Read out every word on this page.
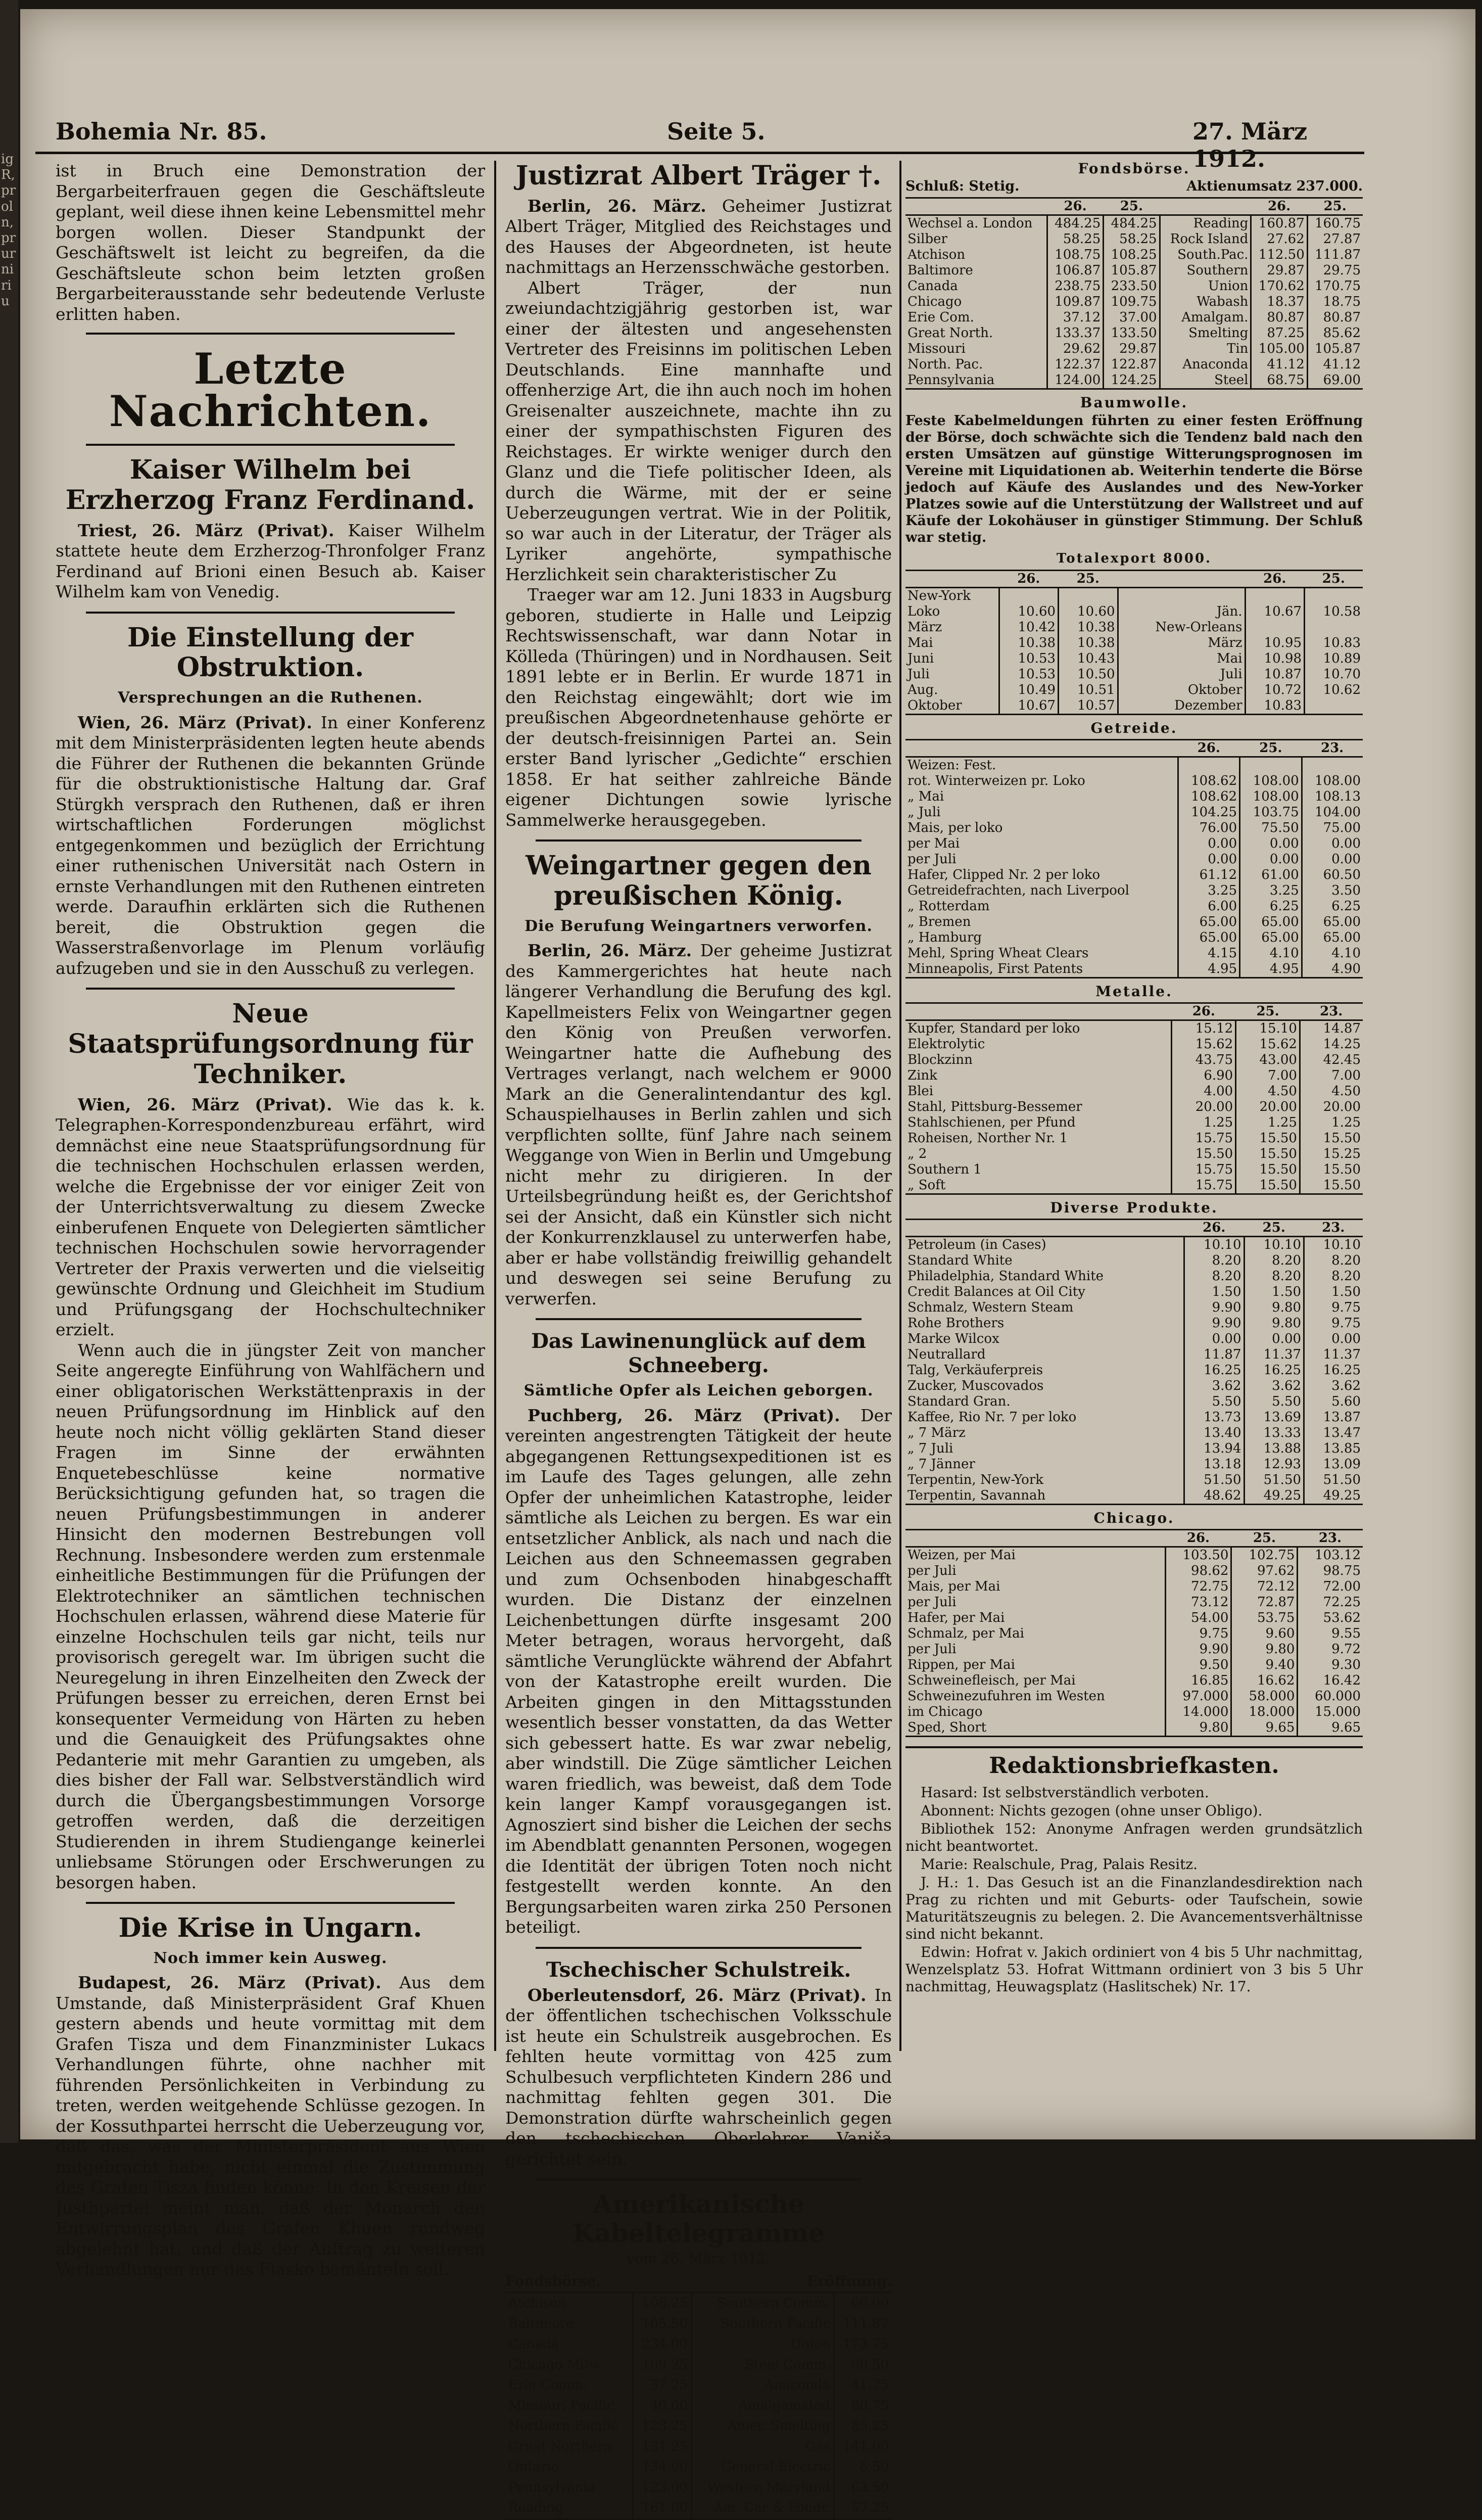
ig R, pr ol n, pr ur ni ri u
Bohemia Nr. 85.	Seite 5.	27. März 1912.

ist in Bruch eine Demonstration der Bergarbeiterfrauen gegen die Geschäftsleute geplant, weil diese ihnen keine Lebensmittel mehr borgen wollen. Dieser Standpunkt der Geschäftswelt ist leicht zu begreifen, da die Geschäftsleute schon beim letzten großen Bergarbeiterausstande sehr bedeutende Verluste erlitten haben.

Letzte Nachrichten.
Kaiser Wilhelm bei Erzherzog Franz Ferdinand.

Triest, 26. März (Privat). Kaiser Wilhelm stattete heute dem Erzherzog-Thronfolger Franz Ferdinand auf Brioni einen Besuch ab. Kaiser Wilhelm kam von Venedig.

Die Einstellung der Obstruktion.
Versprechungen an die Ruthenen.

Wien, 26. März (Privat). In einer Konferenz mit dem Ministerpräsidenten legten heute abends die Führer der Ruthenen die bekannten Gründe für die obstruktionistische Haltung dar. Graf Stürgkh versprach den Ruthenen, daß er ihren wirtschaftlichen Forderungen möglichst entgegenkommen und bezüglich der Errichtung einer ruthenischen Universität nach Ostern in ernste Verhandlungen mit den Ruthenen eintreten werde. Daraufhin erklärten sich die Ruthenen bereit, die Obstruktion gegen die Wasserstraßenvorlage im Plenum vorläufig aufzugeben und sie in den Ausschuß zu verlegen.

Neue Staatsprüfungsordnung für Techniker.

Wien, 26. März (Privat). Wie das k. k. Telegraphen-Korrespondenzbureau erfährt, wird demnächst eine neue Staatsprüfungsordnung für die technischen Hochschulen erlassen werden, welche die Ergebnisse der vor einiger Zeit von der Unterrichtsverwaltung zu diesem Zwecke einberufenen Enquete von Delegierten sämtlicher technischen Hochschulen sowie hervorragender Vertreter der Praxis verwerten und die vielseitig gewünschte Ordnung und Gleichheit im Studium und Prüfungsgang der Hochschultechniker erzielt.

Wenn auch die in jüngster Zeit von mancher Seite angeregte Einführung von Wahlfächern und einer obligatorischen Werkstättenpraxis in der neuen Prüfungsordnung im Hinblick auf den heute noch nicht völlig geklärten Stand dieser Fragen im Sinne der erwähnten Enquetebeschlüsse keine normative Berücksichtigung gefunden hat, so tragen die neuen Prüfungsbestimmungen in anderer Hinsicht den modernen Bestrebungen voll Rechnung. Insbesondere werden zum erstenmale einheitliche Bestimmungen für die Prüfungen der Elektrotechniker an sämtlichen technischen Hochschulen erlassen, während diese Materie für einzelne Hochschulen teils gar nicht, teils nur provisorisch geregelt war. Im übrigen sucht die Neuregelung in ihren Einzelheiten den Zweck der Prüfungen besser zu erreichen, deren Ernst bei konsequenter Vermeidung von Härten zu heben und die Genauigkeit des Prüfungsaktes ohne Pedanterie mit mehr Garantien zu umgeben, als dies bisher der Fall war. Selbstverständlich wird durch die Übergangsbestimmungen Vorsorge getroffen werden, daß die derzeitigen Studierenden in ihrem Studiengange keinerlei unliebsame Störungen oder Erschwerungen zu besorgen haben.

Die Krise in Ungarn.
Noch immer kein Ausweg.

Budapest, 26. März (Privat). Aus dem Umstande, daß Ministerpräsident Graf Khuen gestern abends und heute vormittag mit dem Grafen Tisza und dem Finanzminister Lukacs Verhandlungen führte, ohne nachher mit führenden Persönlichkeiten in Verbindung zu treten, werden weitgehende Schlüsse gezogen. In der Kossuthpartei herrscht die Ueberzeugung vor, daß das, was der Ministerpräsident aus Wien mitgebracht habe, nicht einmal die Zustimmung des Grafen Tisza finden könne. In den Kreisen der Justhpartei meint man, daß der Monarch den Entwirrungsplan des Grafen Khuen rundweg abgelehnt hat, und daß der Auftrag zu weiteren Verhandlungen nur das Fiasko bemänteln soll.

Justizrat Albert Träger †.

Berlin, 26. März. Geheimer Justizrat Albert Träger, Mitglied des Reichstages und des Hauses der Abgeordneten, ist heute nachmittags an Herzensschwäche gestorben.

Albert Träger, der nun zweiundachtzigjährig gestorben ist, war einer der ältesten und angesehensten Vertreter des Freisinns im politischen Leben Deutschlands. Eine mannhafte und offenherzige Art, die ihn auch noch im hohen Greisenalter auszeichnete, machte ihn zu einer der sympathischsten Figuren des Reichstages. Er wirkte weniger durch den Glanz und die Tiefe politischer Ideen, als durch die Wärme, mit der er seine Ueberzeugungen vertrat. Wie in der Politik, so war auch in der Literatur, der Träger als Lyriker angehörte, sympathische Herzlichkeit sein charakteristischer Zu

Traeger war am 12. Juni 1833 in Augsburg geboren, studierte in Halle und Leipzig Rechtswissenschaft, war dann Notar in Kölleda (Thüringen) und in Nordhausen. Seit 1891 lebte er in Berlin. Er wurde 1871 in den Reichstag eingewählt; dort wie im preußischen Abgeordnetenhause gehörte er der deutsch-freisinnigen Partei an. Sein erster Band lyrischer „Gedichte“ erschien 1858. Er hat seither zahlreiche Bände eigener Dichtungen sowie lyrische Sammelwerke herausgegeben.

Weingartner gegen den preußischen König.
Die Berufung Weingartners verworfen.

Berlin, 26. März. Der geheime Justizrat des Kammergerichtes hat heute nach längerer Verhandlung die Berufung des kgl. Kapellmeisters Felix von Weingartner gegen den König von Preußen verworfen. Weingartner hatte die Aufhebung des Vertrages verlangt, nach welchem er 9000 Mark an die Generalintendantur des kgl. Schauspielhauses in Berlin zahlen und sich verpflichten sollte, fünf Jahre nach seinem Weggange von Wien in Berlin und Umgebung nicht mehr zu dirigieren. In der Urteilsbegründung heißt es, der Gerichtshof sei der Ansicht, daß ein Künstler sich nicht der Konkurrenzklausel zu unterwerfen habe, aber er habe vollständig freiwillig gehandelt und deswegen sei seine Berufung zu verwerfen.

Das Lawinenunglück auf dem Schneeberg.
Sämtliche Opfer als Leichen geborgen.

Puchberg, 26. März (Privat). Der vereinten angestrengten Tätigkeit der heute abgegangenen Rettungsexpeditionen ist es im Laufe des Tages gelungen, alle zehn Opfer der unheimlichen Katastrophe, leider sämtliche als Leichen zu bergen. Es war ein entsetzlicher Anblick, als nach und nach die Leichen aus den Schneemassen gegraben und zum Ochsenboden hinabgeschafft wurden. Die Distanz der einzelnen Leichenbettungen dürfte insgesamt 200 Meter betragen, woraus hervorgeht, daß sämtliche Verunglückte während der Abfahrt von der Katastrophe ereilt wurden. Die Arbeiten gingen in den Mittagsstunden wesentlich besser vonstatten, da das Wetter sich gebessert hatte. Es war zwar nebelig, aber windstill. Die Züge sämtlicher Leichen waren friedlich, was beweist, daß dem Tode kein langer Kampf vorausgegangen ist. Agnosziert sind bisher die Leichen der sechs im Abendblatt genannten Personen, wogegen die Identität der übrigen Toten noch nicht festgestellt werden konnte. An den Bergungsarbeiten waren zirka 250 Personen beteiligt.

Tschechischer Schulstreik.

Oberleutensdorf, 26. März (Privat). In der öffentlichen tschechischen Volksschule ist heute ein Schulstreik ausgebrochen. Es fehlten heute vormittag von 425 zum Schulbesuch verpflichteten Kindern 286 und nachmittag fehlten gegen 301. Die Demonstration dürfte wahrscheinlich gegen den tschechischen Oberlehrer Vaniša gerichtet sein.

Amerikanische Kabeltelegramme
vom 26. März 1912.
Fondsbörse.	Eröffnung.
Atchison	108.25	Southern Comm.	60.00
Baltimore	105.50	Southern Pacific	111.87
Canada	234.00	Union	173.75
Chicago Milw.	109.25	Steel Comm.	68.50
Erie Comm.	37.25	Anaconda	41.25
Missouri Pacific	40.00	Amalgamated	80.75
Northern Pacific	123.25	Amer. Smelting	85.25
Great Northern	131.25	Gas	141.00
Ontario	134.00	General Electric	6.50
Pennsylvania	123.00	Western Maryland	63.50
Reading	161.00	Am. Car & Foudr.	57.25
Fondsbörse.
Schluß: Stetig.	Aktienumsatz 237.000.
	26.	25.		26.	25.
Wechsel a. London	484.25	484.25	Reading	160.87	160.75
Silber	58.25	58.25	Rock Island	27.62	27.87
Atchison	108.75	108.25	South.Pac.	112.50	111.87
Baltimore	106.87	105.87	Southern	29.87	29.75
Canada	238.75	233.50	Union	170.62	170.75
Chicago	109.87	109.75	Wabash	18.37	18.75
Erie Com.	37.12	37.00	Amalgam.	80.87	80.87
Great North.	133.37	133.50	Smelting	87.25	85.62
Missouri	29.62	29.87	Tin	105.00	105.87
North. Pac.	122.37	122.87	Anaconda	41.12	41.12
Pennsylvania	124.00	124.25	Steel	68.75	69.00
Baumwolle.
Feste Kabelmeldungen führten zu einer festen Eröffnung der Börse, doch schwächte sich die Tendenz bald nach den ersten Umsätzen auf günstige Witterungsprognosen im Vereine mit Liquidationen ab. Weiterhin tenderte die Börse jedoch auf Käufe des Auslandes und des New-Yorker Platzes sowie auf die Unterstützung der Wallstreet und auf Käufe der Lokohäuser in günstiger Stimmung. Der Schluß war stetig.
Totalexport 8000.
	26.	25.		26.	25.
New-York					
Loko	10.60	10.60	Jän.	10.67	10.58
März	10.42	10.38	New-Orleans		
Mai	10.38	10.38	März	10.95	10.83
Juni	10.53	10.43	Mai	10.98	10.89
Juli	10.53	10.50	Juli	10.87	10.70
Aug.	10.49	10.51	Oktober	10.72	10.62
Oktober	10.67	10.57	Dezember	10.83	
Getreide.
	26.	25.	23.
Weizen: Fest.			
rot. Winterweizen pr. Loko	108.62	108.00	108.00
„ Mai	108.62	108.00	108.13
„ Juli	104.25	103.75	104.00
Mais, per loko	76.00	75.50	75.00
per Mai	0.00	0.00	0.00
per Juli	0.00	0.00	0.00
Hafer, Clipped Nr. 2 per loko	61.12	61.00	60.50
Getreidefrachten, nach Liverpool	3.25	3.25	3.50
„ Rotterdam	6.00	6.25	6.25
„ Bremen	65.00	65.00	65.00
„ Hamburg	65.00	65.00	65.00
Mehl, Spring Wheat Clears	4.15	4.10	4.10
Minneapolis, First Patents	4.95	4.95	4.90
Metalle.
	26.	25.	23.
Kupfer, Standard per loko	15.12	15.10	14.87
Elektrolytic	15.62	15.62	14.25
Blockzinn	43.75	43.00	42.45
Zink	6.90	7.00	7.00
Blei	4.00	4.50	4.50
Stahl, Pittsburg-Bessemer	20.00	20.00	20.00
Stahlschienen, per Pfund	1.25	1.25	1.25
Roheisen, Norther Nr. 1	15.75	15.50	15.50
„ 2	15.50	15.50	15.25
Southern 1	15.75	15.50	15.50
„ Soft	15.75	15.50	15.50
Diverse Produkte.
	26.	25.	23.
Petroleum (in Cases)	10.10	10.10	10.10
Standard White	8.20	8.20	8.20
Philadelphia, Standard White	8.20	8.20	8.20
Credit Balances at Oil City	1.50	1.50	1.50
Schmalz, Western Steam	9.90	9.80	9.75
Rohe Brothers	9.90	9.80	9.75
Marke Wilcox	0.00	0.00	0.00
Neutrallard	11.87	11.37	11.37
Talg, Verkäuferpreis	16.25	16.25	16.25
Zucker, Muscovados	3.62	3.62	3.62
Standard Gran.	5.50	5.50	5.60
Kaffee, Rio Nr. 7 per loko	13.73	13.69	13.87
„ 7 März	13.40	13.33	13.47
„ 7 Juli	13.94	13.88	13.85
„ 7 Jänner	13.18	12.93	13.09
Terpentin, New-York	51.50	51.50	51.50
Terpentin, Savannah	48.62	49.25	49.25
Chicago.
	26.	25.	23.
Weizen, per Mai	103.50	102.75	103.12
per Juli	98.62	97.62	98.75
Mais, per Mai	72.75	72.12	72.00
per Juli	73.12	72.87	72.25
Hafer, per Mai	54.00	53.75	53.62
Schmalz, per Mai	9.75	9.60	9.55
per Juli	9.90	9.80	9.72
Rippen, per Mai	9.50	9.40	9.30
Schweinefleisch, per Mai	16.85	16.62	16.42
Schweinezufuhren im Westen	97.000	58.000	60.000
im Chicago	14.000	18.000	15.000
Sped, Short	9.80	9.65	9.65
Redaktionsbriefkasten.

Hasard: Ist selbstverständlich verboten.

Abonnent: Nichts gezogen (ohne unser Obligo).

Bibliothek 152: Anonyme Anfragen werden grundsätzlich nicht beantwortet.

Marie: Realschule, Prag, Palais Resitz.

J. H.: 1. Das Gesuch ist an die Finanzlandesdirektion nach Prag zu richten und mit Geburts- oder Taufschein, sowie Maturitätszeugnis zu belegen. 2. Die Avancementsverhältnisse sind nicht bekannt.

Edwin: Hofrat v. Jakich ordiniert von 4 bis 5 Uhr nachmittag, Wenzelsplatz 53. Hofrat Wittmann ordiniert von 3 bis 5 Uhr nachmittag, Heuwagsplatz (Haslitschek) Nr. 17.
